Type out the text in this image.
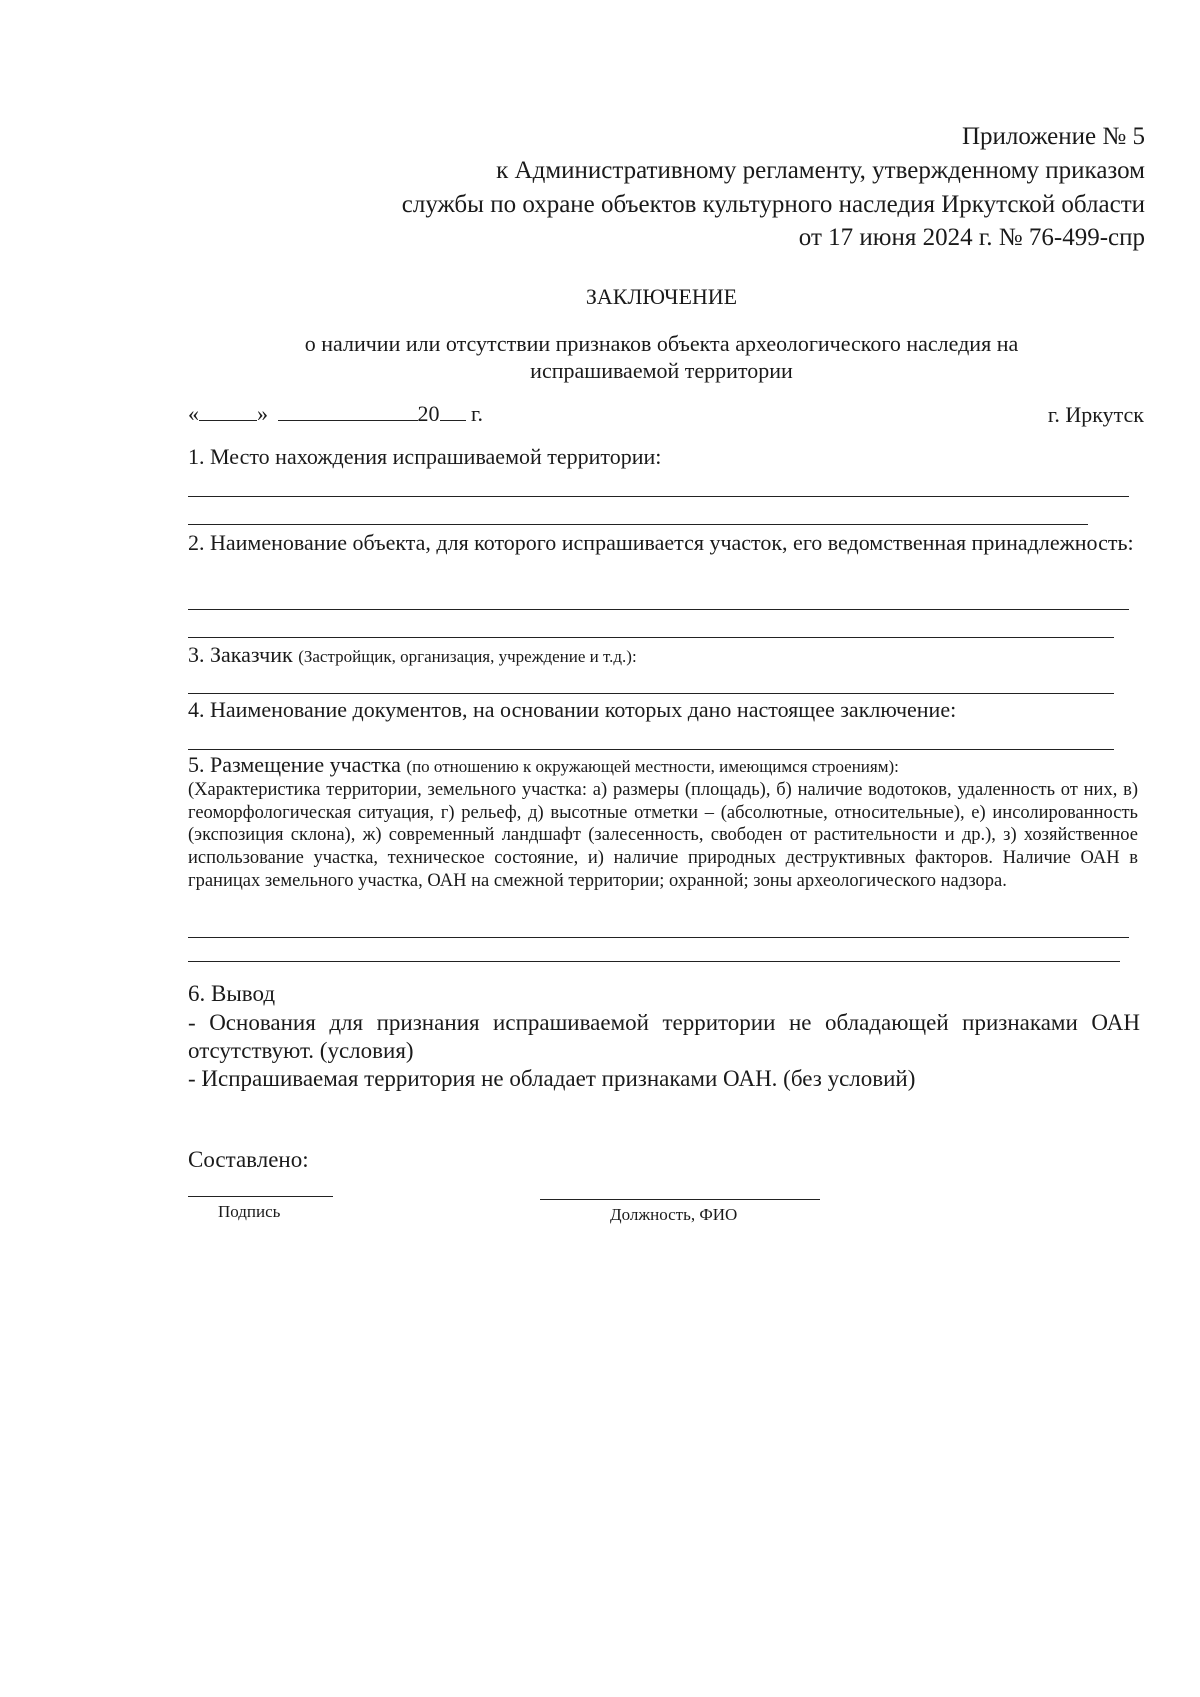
Приложение № 5
к Административному регламенту, утвержденному приказом
службы по охране объектов культурного наследия Иркутской области
от 17 июня 2024 г. № 76-499-спр
ЗАКЛЮЧЕНИЕ
о наличии или отсутствии признаков объекта археологического наследия на
испрашиваемой территории
«	»	20 г.	г. Иркутск
1. Место нахождения испрашиваемой территории:
2. Наименование объекта, для которого испрашивается участок, его ведомственная принадлежность:
3. Заказчик (Застройщик, организация, учреждение и т.д.):
4. Наименование документов, на основании которых дано настоящее заключение:
5. Размещение участка (по отношению к окружающей местности, имеющимся строениям):
(Характеристика территории, земельного участка: а) размеры (площадь), б) наличие водотоков, удаленность от них, в) геоморфологическая ситуация, г) рельеф, д) высотные отметки – (абсолютные, относительные), е) инсолированность (экспозиция склона), ж) современный ландшафт (залесенность, свободен от растительности и др.), з) хозяйственное использование участка, техническое состояние, и) наличие природных деструктивных факторов. Наличие ОАН в границах земельного участка, ОАН на смежной территории; охранной; зоны археологического надзора.
6. Вывод
- Основания для признания испрашиваемой территории не обладающей признаками ОАН отсутствуют. (условия)
- Испрашиваемая территория не обладает признаками ОАН. (без условий)
Составлено:
Подпись	Должность, ФИО
